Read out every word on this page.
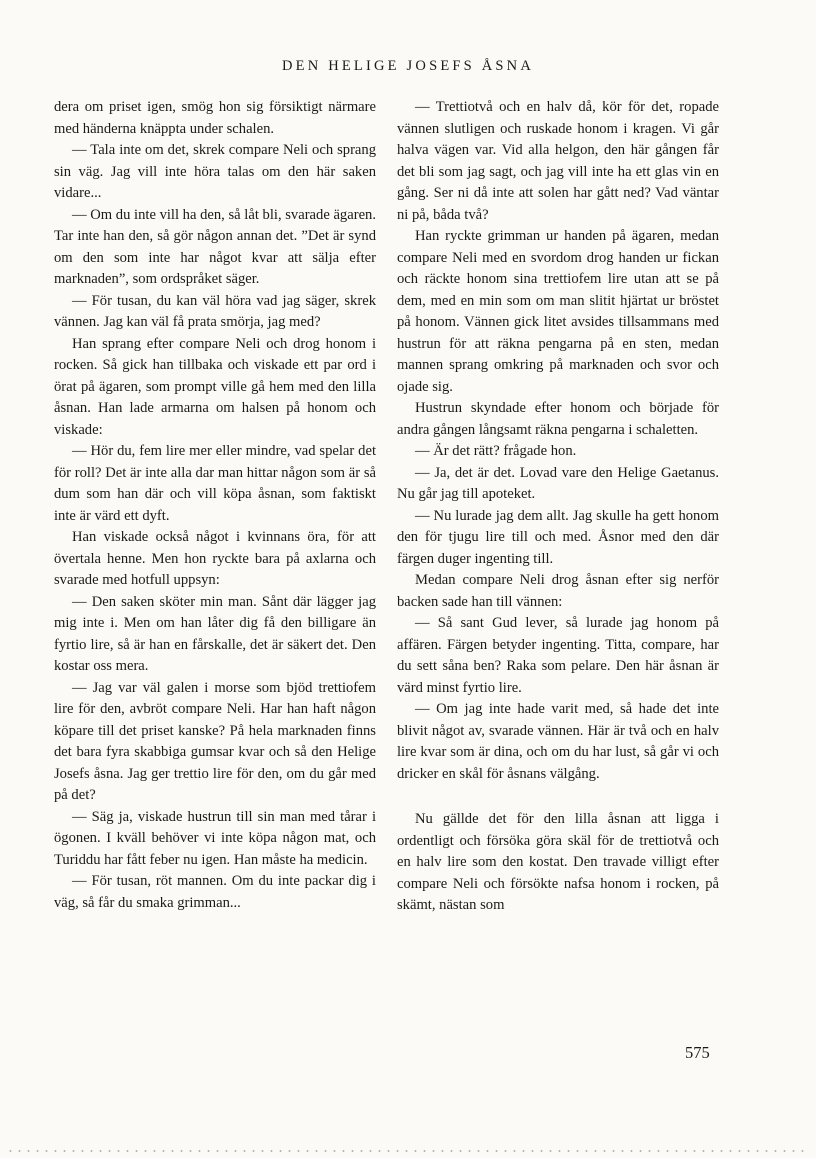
DEN HELIGE JOSEFS ÅSNA

dera om priset igen, smög hon sig försiktigt närmare med händerna knäppta under schalen.

— Tala inte om det, skrek compare Neli och sprang sin väg. Jag vill inte höra talas om den här saken vidare...

— Om du inte vill ha den, så låt bli, svarade ägaren. Tar inte han den, så gör någon annan det. ”Det är synd om den som inte har något kvar att sälja efter marknaden”, som ordspråket säger.

— För tusan, du kan väl höra vad jag säger, skrek vännen. Jag kan väl få prata smörja, jag med?

Han sprang efter compare Neli och drog honom i rocken. Så gick han tillbaka och viskade ett par ord i örat på ägaren, som prompt ville gå hem med den lilla åsnan. Han lade armarna om halsen på honom och viskade:

— Hör du, fem lire mer eller mindre, vad spelar det för roll? Det är inte alla dar man hittar någon som är så dum som han där och vill köpa åsnan, som faktiskt inte är värd ett dyft.

Han viskade också något i kvinnans öra, för att övertala henne. Men hon ryckte bara på axlarna och svarade med hotfull uppsyn:

— Den saken sköter min man. Sånt där lägger jag mig inte i. Men om han låter dig få den billigare än fyrtio lire, så är han en fårskalle, det är säkert det. Den kostar oss mera.

— Jag var väl galen i morse som bjöd trettiofem lire för den, avbröt compare Neli. Har han haft någon köpare till det priset kanske? På hela marknaden finns det bara fyra skabbiga gumsar kvar och så den Helige Josefs åsna. Jag ger trettio lire för den, om du går med på det?

— Säg ja, viskade hustrun till sin man med tårar i ögonen. I kväll behöver vi inte köpa någon mat, och Turiddu har fått feber nu igen. Han måste ha medicin.

— För tusan, röt mannen. Om du inte packar dig i väg, så får du smaka grimman...

— Trettiotvå och en halv då, kör för det, ropade vännen slutligen och ruskade honom i kragen. Vi går halva vägen var. Vid alla helgon, den här gången får det bli som jag sagt, och jag vill inte ha ett glas vin en gång. Ser ni då inte att solen har gått ned? Vad väntar ni på, båda två?

Han ryckte grimman ur handen på ägaren, medan compare Neli med en svordom drog handen ur fickan och räckte honom sina trettiofem lire utan att se på dem, med en min som om man slitit hjärtat ur bröstet på honom. Vännen gick litet avsides tillsammans med hustrun för att räkna pengarna på en sten, medan mannen sprang omkring på marknaden och svor och ojade sig.

Hustrun skyndade efter honom och började för andra gången långsamt räkna pengarna i schaletten.

— Är det rätt? frågade hon.

— Ja, det är det. Lovad vare den Helige Gaetanus. Nu går jag till apoteket.

— Nu lurade jag dem allt. Jag skulle ha gett honom den för tjugu lire till och med. Åsnor med den där färgen duger ingenting till.

Medan compare Neli drog åsnan efter sig nerför backen sade han till vännen:

— Så sant Gud lever, så lurade jag honom på affären. Färgen betyder ingenting. Titta, compare, har du sett såna ben? Raka som pelare. Den här åsnan är värd minst fyrtio lire.

— Om jag inte hade varit med, så hade det inte blivit något av, svarade vännen. Här är två och en halv lire kvar som är dina, och om du har lust, så går vi och dricker en skål för åsnans välgång.

Nu gällde det för den lilla åsnan att ligga i ordentligt och försöka göra skäl för de trettiotvå och en halv lire som den kostat. Den travade villigt efter compare Neli och försökte nafsa honom i rocken, på skämt, nästan som

575
